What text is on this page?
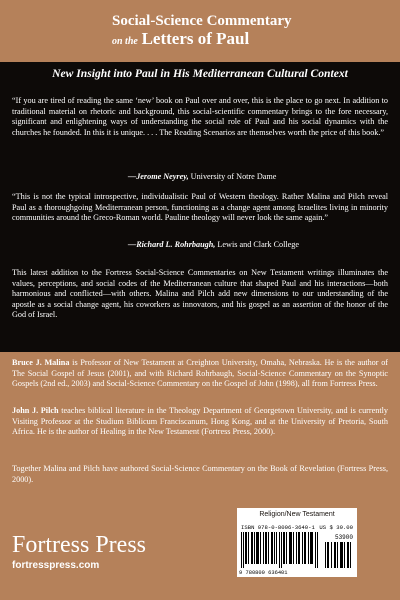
Social-Science Commentary
on the Letters of Paul
New Insight into Paul in His Mediterranean Cultural Context
“If you are tired of reading the same ‘new’ book on Paul over and over, this is the place to go next. In addition to traditional material on rhetoric and background, this social-scientific commentary brings to the fore necessary, significant and enlightening ways of understanding the social role of Paul and his social dynamics with the churches he founded. In this it is unique. . . . The Reading Scenarios are themselves worth the price of this book.”
—Jerome Neyrey, University of Notre Dame
“This is not the typical introspective, individualistic Paul of Western theology. Rather Malina and Pilch reveal Paul as a thoroughgoing Mediterranean person, functioning as a change agent among Israelites living in minority communities around the Greco-Roman world. Pauline theology will never look the same again.”
—Richard L. Rohrbaugh, Lewis and Clark College
This latest addition to the Fortress Social-Science Commentaries on New Testament writings illuminates the values, perceptions, and social codes of the Mediterranean culture that shaped Paul and his interactions—both harmonious and conflicted—with others. Malina and Pilch add new dimensions to our understanding of the apostle as a social change agent, his coworkers as innovators, and his gospel as an assertion of the honor of the God of Israel.
Bruce J. Malina is Professor of New Testament at Creighton University, Omaha, Nebraska. He is the author of The Social Gospel of Jesus (2001), and with Richard Rohrbaugh, Social-Science Commentary on the Synoptic Gospels (2nd ed., 2003) and Social-Science Commentary on the Gospel of John (1998), all from Fortress Press.
John J. Pilch teaches biblical literature in the Theology Department of Georgetown University, and is currently Visiting Professor at the Studium Biblicum Franciscanum, Hong Kong, and at the University of Pretoria, South Africa. He is the author of Healing in the New Testament (Fortress Press, 2000).
Together Malina and Pilch have authored Social-Science Commentary on the Book of Revelation (Fortress Press, 2000).
Religion/New Testament
ISBN 978-0-8006-3640-1 US $ 39.00
53900
9 780800 636401
Fortress Press
fortresspress.com
